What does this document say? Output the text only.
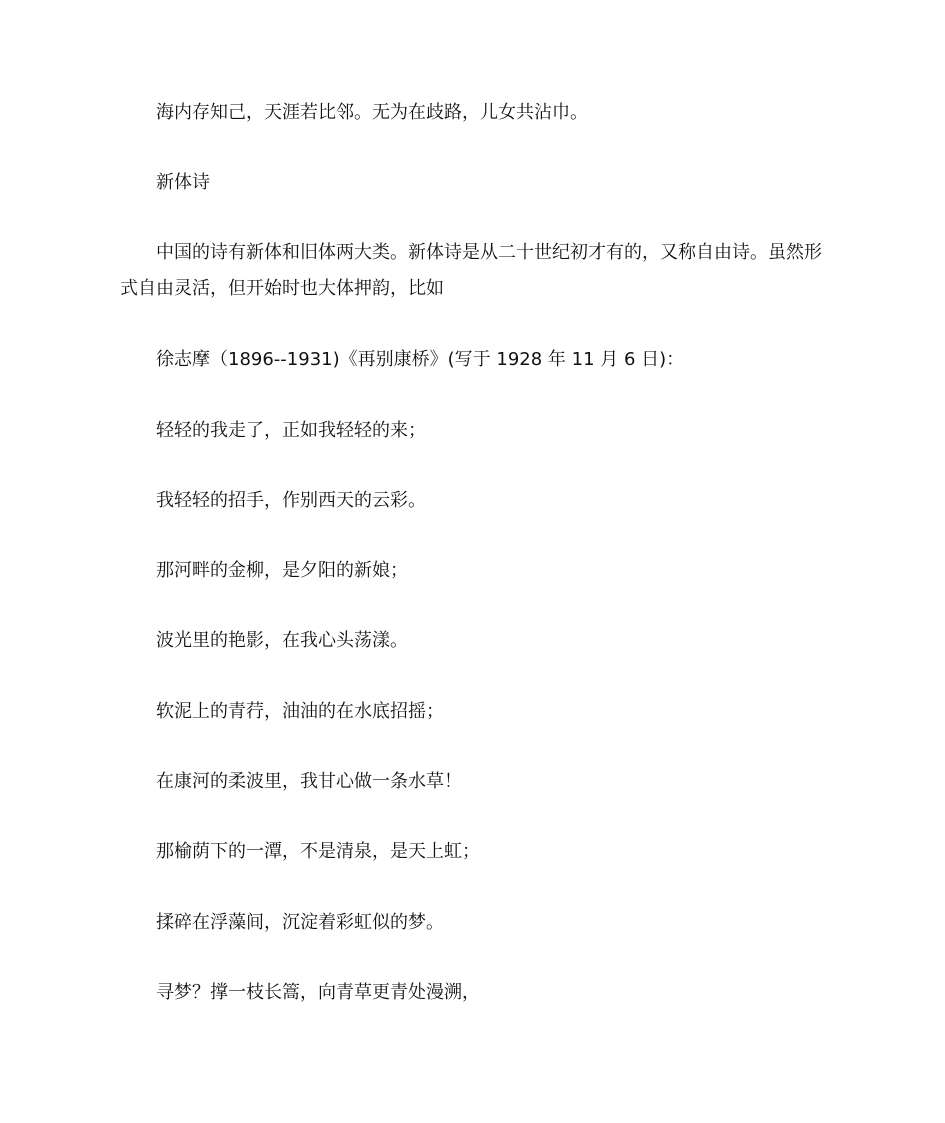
海内存知己，天涯若比邻。无为在歧路，儿女共沾巾。

新体诗

中国的诗有新体和旧体两大类。新体诗是从二十世纪初才有的，又称自由诗。虽然形式自由灵活，但开始时也大体押韵，比如

徐志摩（1896--1931)《再别康桥》(写于 1928 年 11 月 6 日)：

轻轻的我走了，正如我轻轻的来；

我轻轻的招手，作别西天的云彩。

那河畔的金柳，是夕阳的新娘；

波光里的艳影，在我心头荡漾。

软泥上的青荇，油油的在水底招摇；

在康河的柔波里，我甘心做一条水草！

那榆荫下的一潭，不是清泉，是天上虹；

揉碎在浮藻间，沉淀着彩虹似的梦。

寻梦？撑一枝长篙，向青草更青处漫溯，
